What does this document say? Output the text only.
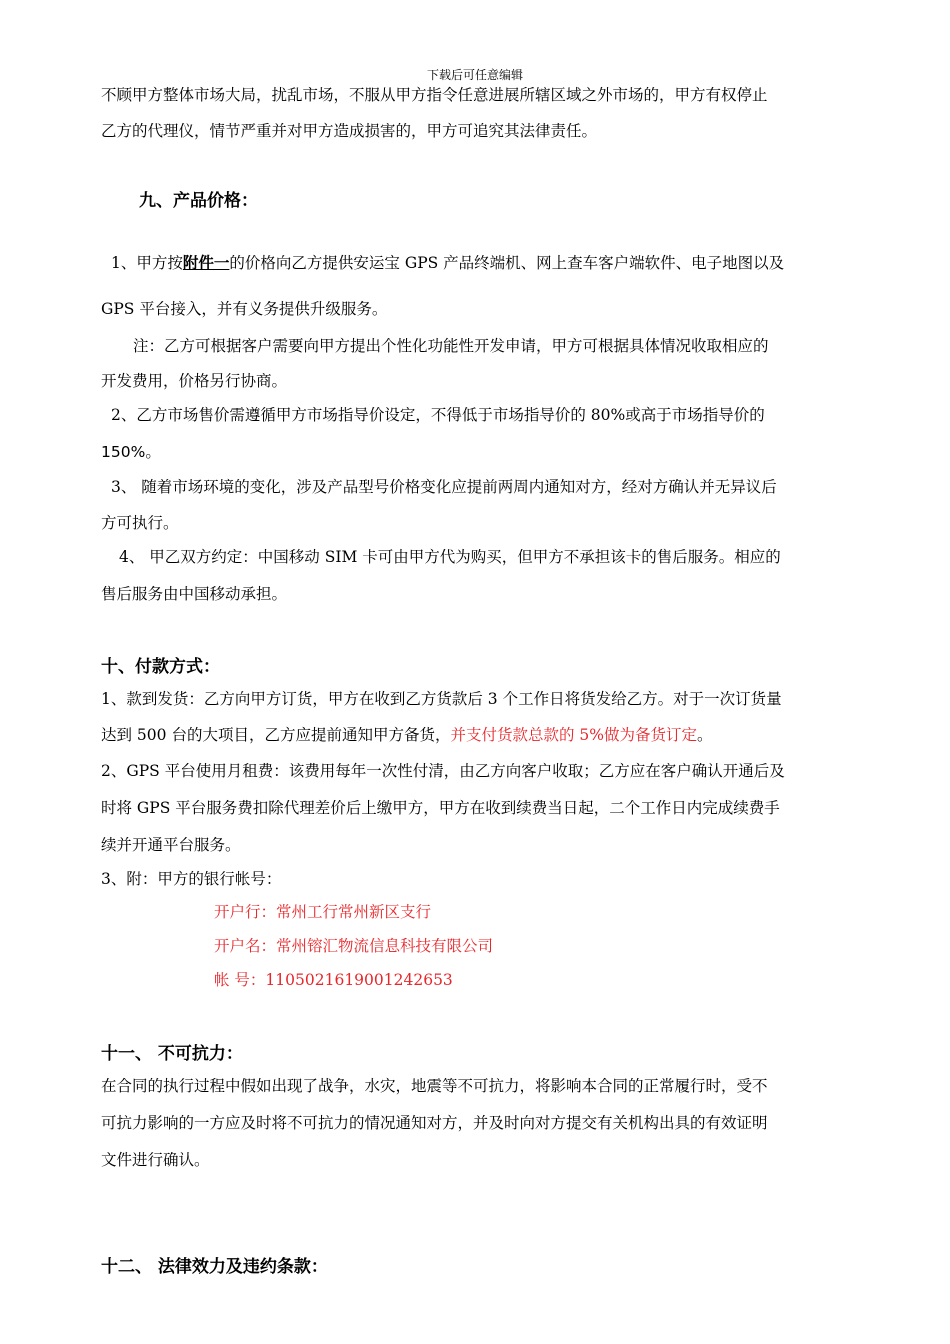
下载后可任意编辑
不顾甲方整体市场大局，扰乱市场，不服从甲方指令任意进展所辖区域之外市场的，甲方有权停止
乙方的代理仪，情节严重并对甲方造成损害的，甲方可追究其法律责任。
九、产品价格：
1、甲方按附件一的价格向乙方提供安运宝 GPS 产品终端机、网上查车客户端软件、电子地图以及
GPS 平台接入，并有义务提供升级服务。
注：乙方可根据客户需要向甲方提出个性化功能性开发申请，甲方可根据具体情况收取相应的
开发费用，价格另行协商。
2、乙方市场售价需遵循甲方市场指导价设定，不得低于市场指导价的 80%或高于市场指导价的
150%。
3、 随着市场环境的变化，涉及产品型号价格变化应提前两周内通知对方，经对方确认并无异议后
方可执行。
4、 甲乙双方约定：中国移动 SIM 卡可由甲方代为购买，但甲方不承担该卡的售后服务。相应的
售后服务由中国移动承担。
十、付款方式：
1、款到发货：乙方向甲方订货，甲方在收到乙方货款后 3 个工作日将货发给乙方。对于一次订货量
达到 500 台的大项目，乙方应提前通知甲方备货，并支付货款总款的 5%做为备货订定。
2、GPS 平台使用月租费：该费用每年一次性付清，由乙方向客户收取；乙方应在客户确认开通后及
时将 GPS 平台服务费扣除代理差价后上缴甲方，甲方在收到续费当日起，二个工作日内完成续费手
续并开通平台服务。
3、附：甲方的银行帐号：
开户行：常州工行常州新区支行
开户名：常州镕汇物流信息科技有限公司
帐 号：1105021619001242653
十一、 不可抗力：
在合同的执行过程中假如出现了战争，水灾，地震等不可抗力，将影响本合同的正常履行时，受不
可抗力影响的一方应及时将不可抗力的情况通知对方，并及时向对方提交有关机构出具的有效证明
文件进行确认。
十二、 法律效力及违约条款：
